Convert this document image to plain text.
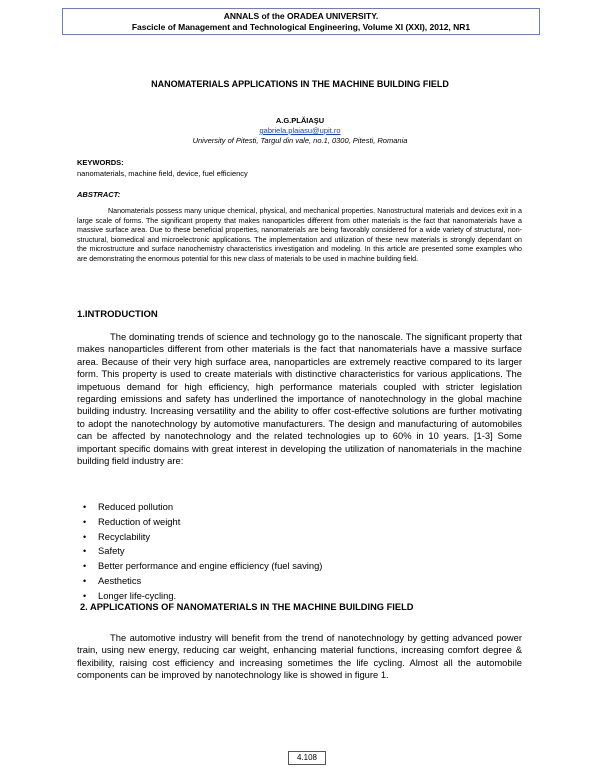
ANNALS of the ORADEA UNIVERSITY.
Fascicle of Management and Technological Engineering, Volume XI (XXI), 2012, NR1
NANOMATERIALS APPLICATIONS IN THE MACHINE BUILDING FIELD
A.G.PLĂIAŞU
gabriela.plaiasu@upit.ro
University of Pitesti, Targul din vale, no.1, 0300, Pitesti, Romania
KEYWORDS:
nanomaterials, machine field, device, fuel efficiency
ABSTRACT:
Nanomaterials possess many unique chemical, physical, and mechanical properties. Nanostructural materials and devices exit in a large scale of forms. The significant property that makes nanoparticles different from other materials is the fact that nanomaterials have a massive surface area. Due to these beneficial properties, nanomaterials are being favorably considered for a wide variety of structural, non-structural, biomedical and microelectronic applications. The implementation and utilization of these new materials is strongly dependant on the microstructure and surface nanochemistry characteristics investigation and modeling. In this article are presented some examples who are demonstrating the enormous potential for this new class of materials to be used in machine building field.
1.INTRODUCTION
The dominating trends of science and technology go to the nanoscale. The significant property that makes nanoparticles different from other materials is the fact that nanomaterials have a massive surface area. Because of their very high surface area, nanoparticles are extremely reactive compared to its larger form. This property is used to create materials with distinctive characteristics for various applications. The impetuous demand for high efficiency, high performance materials coupled with stricter legislation regarding emissions and safety has underlined the importance of nanotechnology in the global machine building industry. Increasing versatility and the ability to offer cost-effective solutions are further motivating to adopt the nanotechnology by automotive manufacturers. The design and manufacturing of automobiles can be affected by nanotechnology and the related technologies up to 60% in 10 years. [1-3] Some important specific domains with great interest in developing the utilization of nanomaterials in the machine building field industry are:
• Reduced pollution
• Reduction of weight
• Recyclability
• Safety
• Better performance and engine efficiency (fuel saving)
• Aesthetics
• Longer life-cycling.
2. APPLICATIONS OF NANOMATERIALS IN THE MACHINE BUILDING FIELD
The automotive industry will benefit from the trend of nanotechnology by getting advanced power train, using new energy, reducing car weight, enhancing material functions, increasing comfort degree & flexibility, raising cost efficiency and increasing sometimes the life cycling. Almost all the automobile components can be improved by nanotechnology like is showed in figure 1.
4.108
